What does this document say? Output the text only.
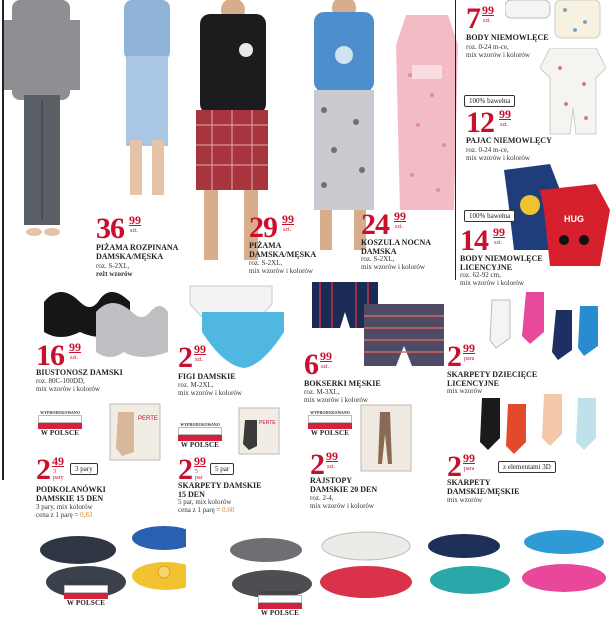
HUG
36 99
szt.
PIŻAMA ROZPINANA DAMSKA/MĘSKA
roz. S-2XL,
reżt wzorów
29 99
szt.
PIŻAMA DAMSKA/MĘSKA
roz. S-2XL,
mix wzorów i kolorów
24 99
szt.
KOSZULA NOCNA DAMSKA
roz. S-2XL,
mix wzorów i kolorów
7 99
szt.
BODY NIEMOWLĘCE
roz. 0-24 m-ce,
mix wzorów i kolorów
100% bawełna
12 99
szt.
PAJAC NIEMOWLĘCY
roz. 0-24 m-ce,
mix wzorów i kolorów
100% bawełna
14 99
szt.
BODY NIEMOWLĘCE LICENCYJNE
roz. 62-92 cm,
mix wzorów i kolorów
16 99
szt.
BIUSTONOSZ DAMSKI
roz. 80C-100DD,
mix wzorów i kolorów
2 99
szt.
FIGI DAMSKIE
roz. M-2XL,
mix wzorów i kolorów
6 99
szt.
BOKSERKI MĘSKIE
roz. M-3XL,
mix wzorów i kolorów
2 99
para
SKARPETY DZIECIĘCE LICENCYJNE
mix wzorów
WYPRODUKOWANO
W POLSCE
WYPRODUKOWANO
W POLSCE
WYPRODUKOWANO
W POLSCE
PERTE
PERTE
3 pary
2 49
3 pary
PODKOLANÓWKI DAMSKIE 15 DEN
3 pary, mix kolorów
cena z 1 parę = 0,83
5 par
2 99
5 par
SKARPETY DAMSKIE 15 DEN
5 par, mix kolorów
cena z 1 parę = 0,60
2 99
szt.
RAJSTOPY DAMSKIE 20 DEN
roz. 2-4,
mix wzorów i kolorów
z elementami 3D
2 99
para
SKARPETY DAMSKIE/MĘSKIE
mix wzorów
WYPRODUKOWANO
W POLSCE
WYPRODUKOWANO
W POLSCE
